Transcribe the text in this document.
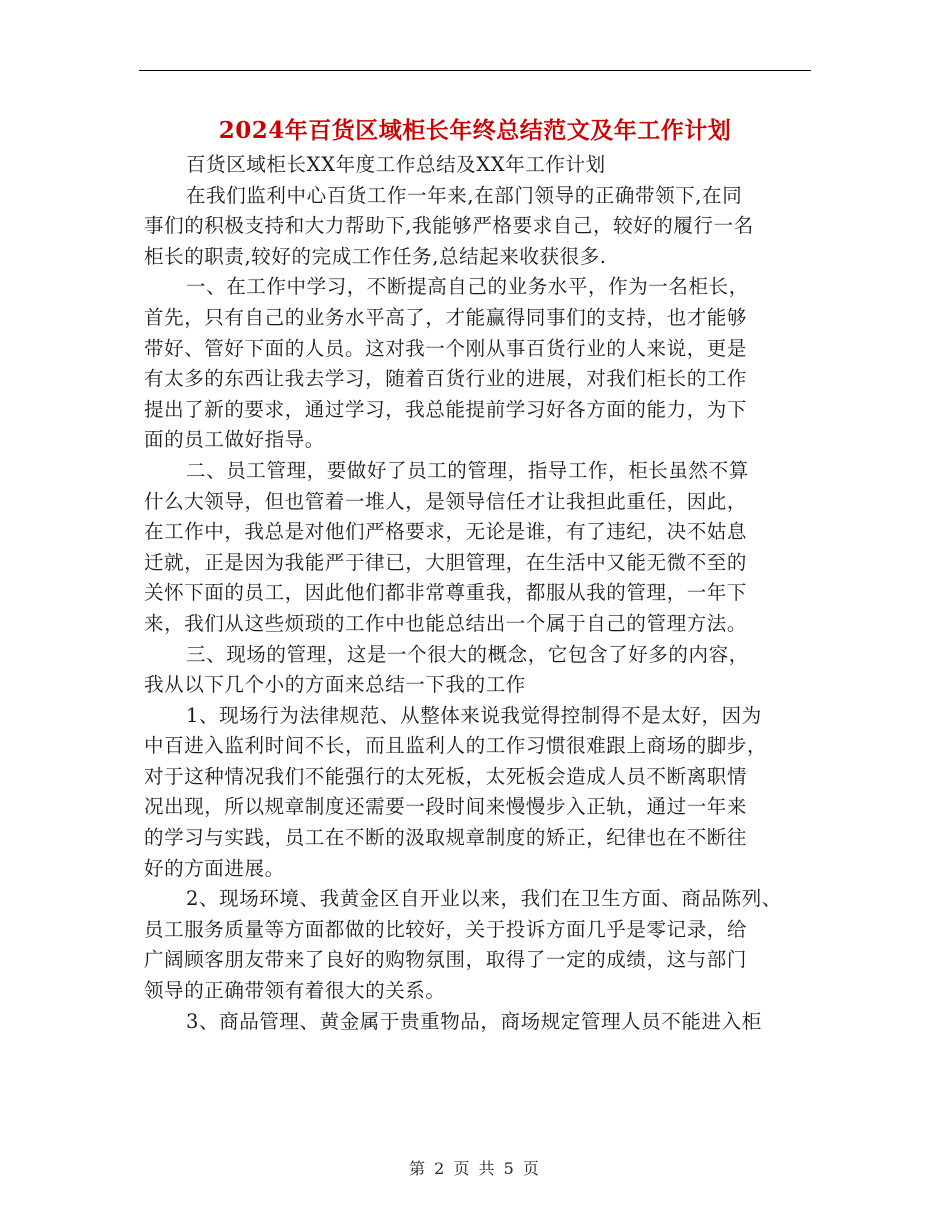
2024年百货区域柜长年终总结范文及年工作计划
百货区域柜长XX年度工作总结及XX年工作计划
在我们监利中心百货工作一年来,在部门领导的正确带领下,在同
事们的积极支持和大力帮助下,我能够严格要求自己，较好的履行一名
柜长的职责,较好的完成工作任务,总结起来收获很多.
一、在工作中学习，不断提高自己的业务水平，作为一名柜长，
首先，只有自己的业务水平高了，才能赢得同事们的支持，也才能够
带好、管好下面的人员。这对我一个刚从事百货行业的人来说，更是
有太多的东西让我去学习，随着百货行业的进展，对我们柜长的工作
提出了新的要求，通过学习，我总能提前学习好各方面的能力，为下
面的员工做好指导。
二、员工管理，要做好了员工的管理，指导工作，柜长虽然不算
什么大领导，但也管着一堆人，是领导信任才让我担此重任，因此，
在工作中，我总是对他们严格要求，无论是谁，有了违纪，决不姑息
迁就，正是因为我能严于律已，大胆管理，在生活中又能无微不至的
关怀下面的员工，因此他们都非常尊重我，都服从我的管理，一年下
来，我们从这些烦琐的工作中也能总结出一个属于自己的管理方法。
三、现场的管理，这是一个很大的概念，它包含了好多的内容，
我从以下几个小的方面来总结一下我的工作
1、现场行为法律规范、从整体来说我觉得控制得不是太好，因为
中百进入监利时间不长，而且监利人的工作习惯很难跟上商场的脚步，
对于这种情况我们不能强行的太死板，太死板会造成人员不断离职情
况出现，所以规章制度还需要一段时间来慢慢步入正轨，通过一年来
的学习与实践，员工在不断的汲取规章制度的矫正，纪律也在不断往
好的方面进展。
2、现场环境、我黄金区自开业以来，我们在卫生方面、商品陈列、
员工服务质量等方面都做的比较好，关于投诉方面几乎是零记录，给
广阔顾客朋友带来了良好的购物氛围，取得了一定的成绩，这与部门
领导的正确带领有着很大的关系。
3、商品管理、黄金属于贵重物品，商场规定管理人员不能进入柜
第 2 页 共 5 页
